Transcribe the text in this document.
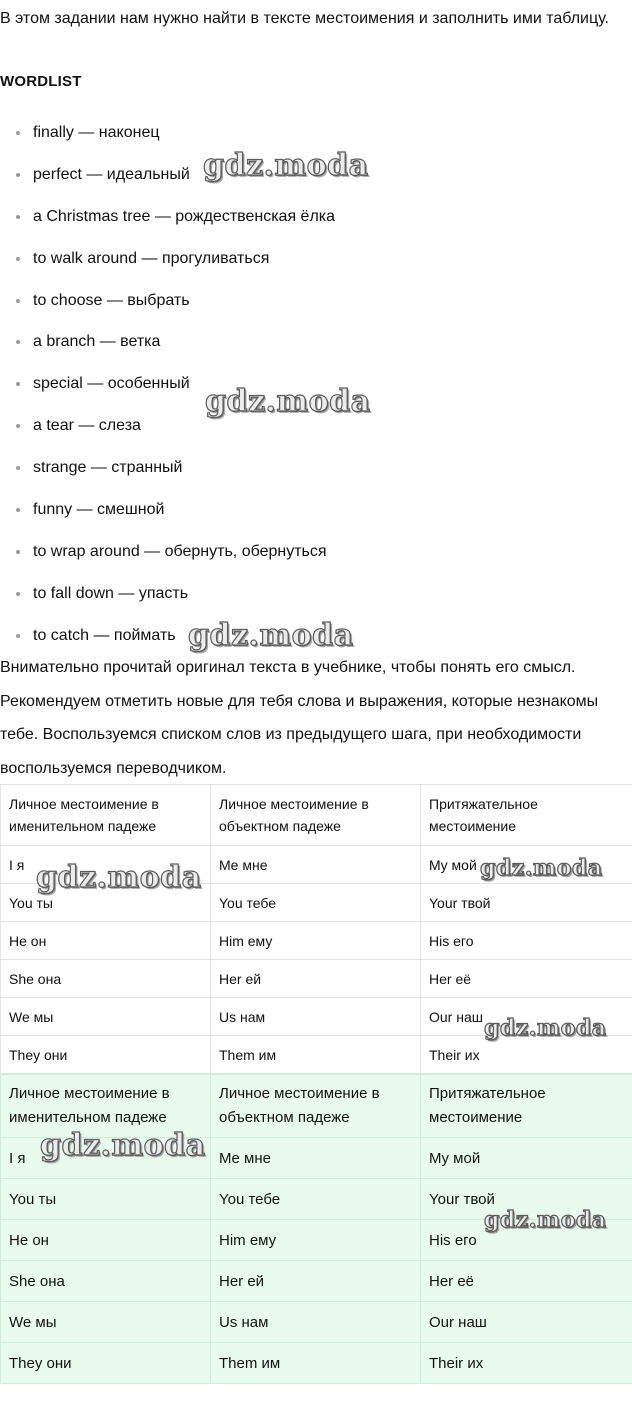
В этом задании нам нужно найти в тексте местоимения и заполнить ими таблицу.

WORDLIST
finally — наконец
perfect — идеальный
a Christmas tree — рождественская ёлка
to walk around — прогуливаться
to choose — выбрать
a branch — ветка
special — особенный
a tear — слеза
strange — странный
funny — смешной
to wrap around — обернуть, обернуться
to fall down — упасть
to catch — поймать

Внимательно прочитай оригинал текста в учебнике, чтобы понять его смысл. Рекомендуем отметить новые для тебя слова и выражения, которые незнакомы тебе. Воспользуемся списком слов из предыдущего шага, при необходимости воспользуемся переводчиком.

Личное местоимение в именительном падеже	Личное местоимение в объектном падеже	Притяжательное местоимение
I я	Me мне	My мой
You ты	You тебе	Your твой
He он	Him ему	His его
She она	Her ей	Her её
We мы	Us нам	Our наш
They они	Them им	Their их
Личное местоимение в именительном падеже	Личное местоимение в объектном падеже	Притяжательное местоимение
I я	Me мне	My мой
You ты	You тебе	Your твой
He он	Him ему	His его
She она	Her ей	Her её
We мы	Us нам	Our наш
They они	Them им	Their их
gdz.moda
gdz.moda
gdz.moda
gdz.moda	gdz.moda
gdz.moda
gdz.moda
gdz.moda
